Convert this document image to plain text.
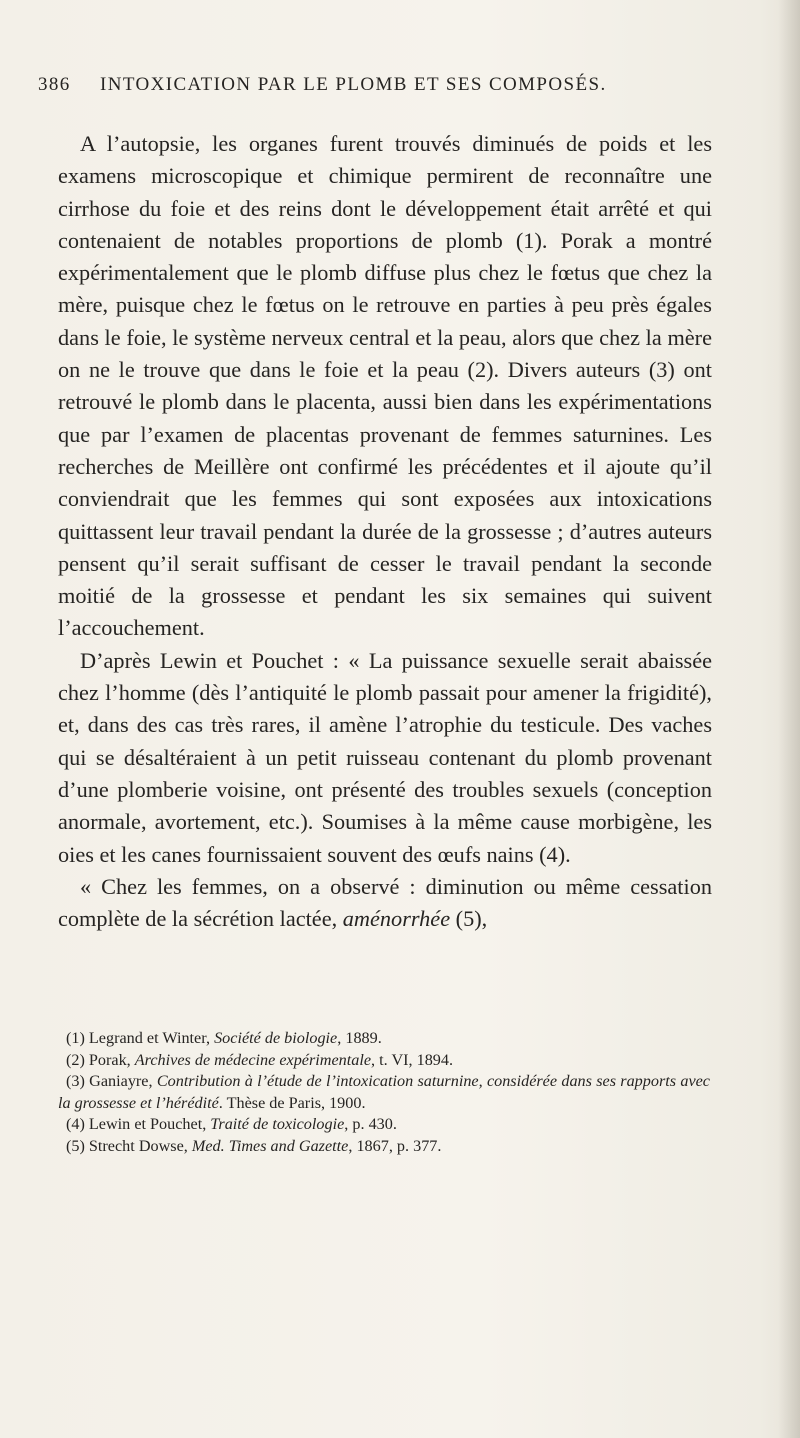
386 INTOXICATION PAR LE PLOMB ET SES COMPOSÉS.

A l’autopsie, les organes furent trouvés diminués de poids et les examens microscopique et chimique permirent de reconnaître une cirrhose du foie et des reins dont le développement était arrêté et qui contenaient de notables proportions de plomb (1). Porak a montré expérimentalement que le plomb diffuse plus chez le fœtus que chez la mère, puisque chez le fœtus on le retrouve en parties à peu près égales dans le foie, le système nerveux central et la peau, alors que chez la mère on ne le trouve que dans le foie et la peau (2). Divers auteurs (3) ont retrouvé le plomb dans le placenta, aussi bien dans les expérimentations que par l’examen de placentas provenant de femmes saturnines. Les recherches de Meillère ont confirmé les précédentes et il ajoute qu’il conviendrait que les femmes qui sont exposées aux intoxications quittassent leur travail pendant la durée de la grossesse ; d’autres auteurs pensent qu’il serait suffisant de cesser le travail pendant la seconde moitié de la grossesse et pendant les six semaines qui suivent l’accouchement.

D’après Lewin et Pouchet : « La puissance sexuelle serait abaissée chez l’homme (dès l’antiquité le plomb passait pour amener la frigidité), et, dans des cas très rares, il amène l’atrophie du testicule. Des vaches qui se désaltéraient à un petit ruisseau contenant du plomb provenant d’une plomberie voisine, ont présenté des troubles sexuels (conception anormale, avortement, etc.). Soumises à la même cause morbigène, les oies et les canes fournissaient souvent des œufs nains (4).

« Chez les femmes, on a observé : diminution ou même cessation complète de la sécrétion lactée, aménorrhée (5),

(1) Legrand et Winter, Société de biologie, 1889.

(2) Porak, Archives de médecine expérimentale, t. VI, 1894.

(3) Ganiayre, Contribution à l’étude de l’intoxication saturnine, considérée dans ses rapports avec la grossesse et l’hérédité. Thèse de Paris, 1900.

(4) Lewin et Pouchet, Traité de toxicologie, p. 430.

(5) Strecht Dowse, Med. Times and Gazette, 1867, p. 377.
